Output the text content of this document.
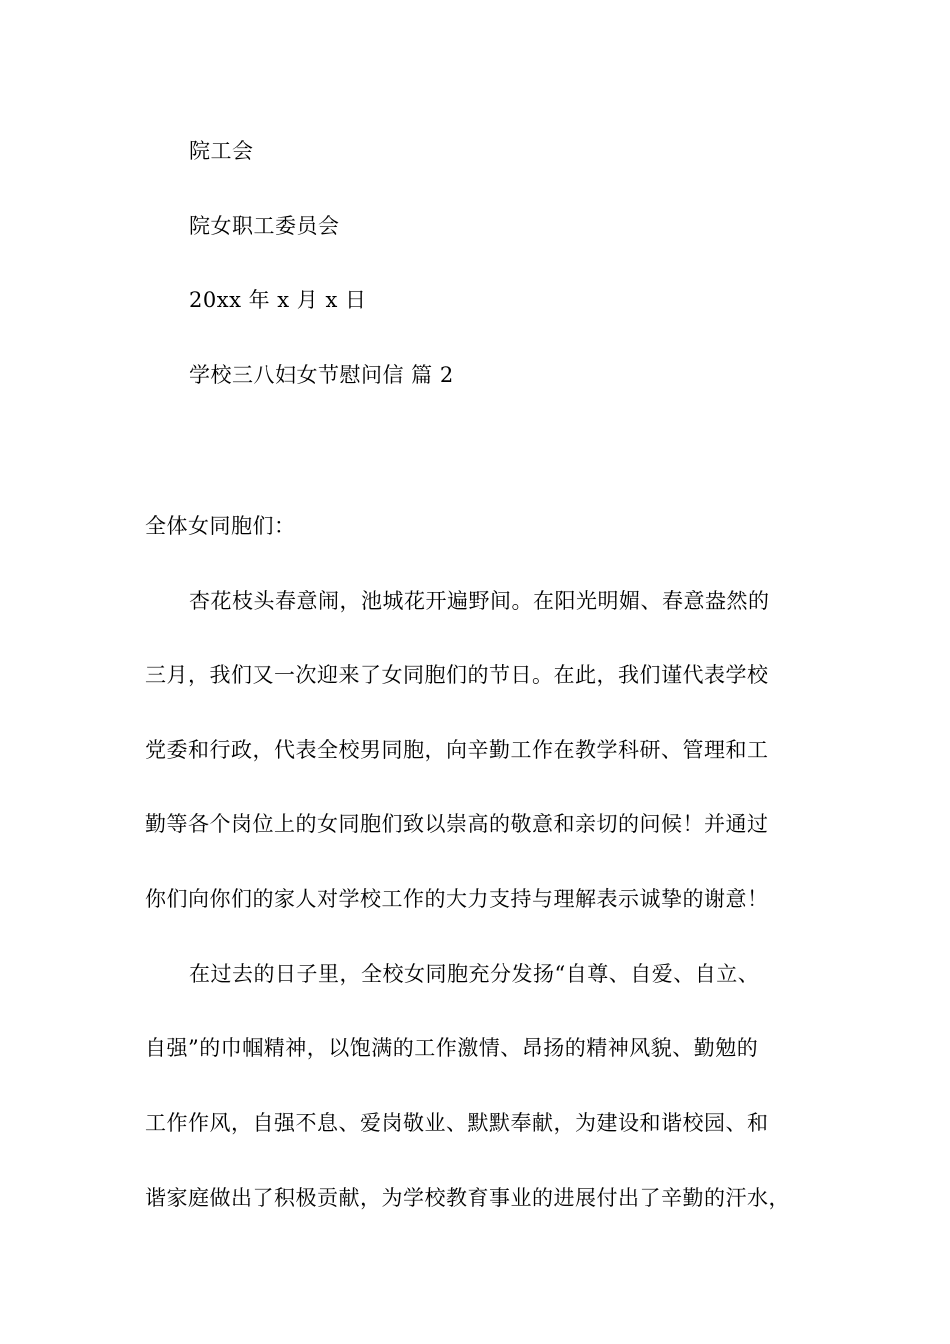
院工会
院女职工委员会
20xx 年 x 月 x 日
学校三八妇女节慰问信 篇 2
全体女同胞们：
杏花枝头春意闹，池城花开遍野间。在阳光明媚、春意盎然的
三月，我们又一次迎来了女同胞们的节日。在此，我们谨代表学校
党委和行政，代表全校男同胞，向辛勤工作在教学科研、管理和工
勤等各个岗位上的女同胞们致以崇高的敬意和亲切的问候！并通过
你们向你们的家人对学校工作的大力支持与理解表示诚挚的谢意！
在过去的日子里，全校女同胞充分发扬“自尊、自爱、自立、
自强”的巾帼精神，以饱满的工作激情、昂扬的精神风貌、勤勉的
工作作风，自强不息、爱岗敬业、默默奉献，为建设和谐校园、和
谐家庭做出了积极贡献，为学校教育事业的进展付出了辛勤的汗水，
